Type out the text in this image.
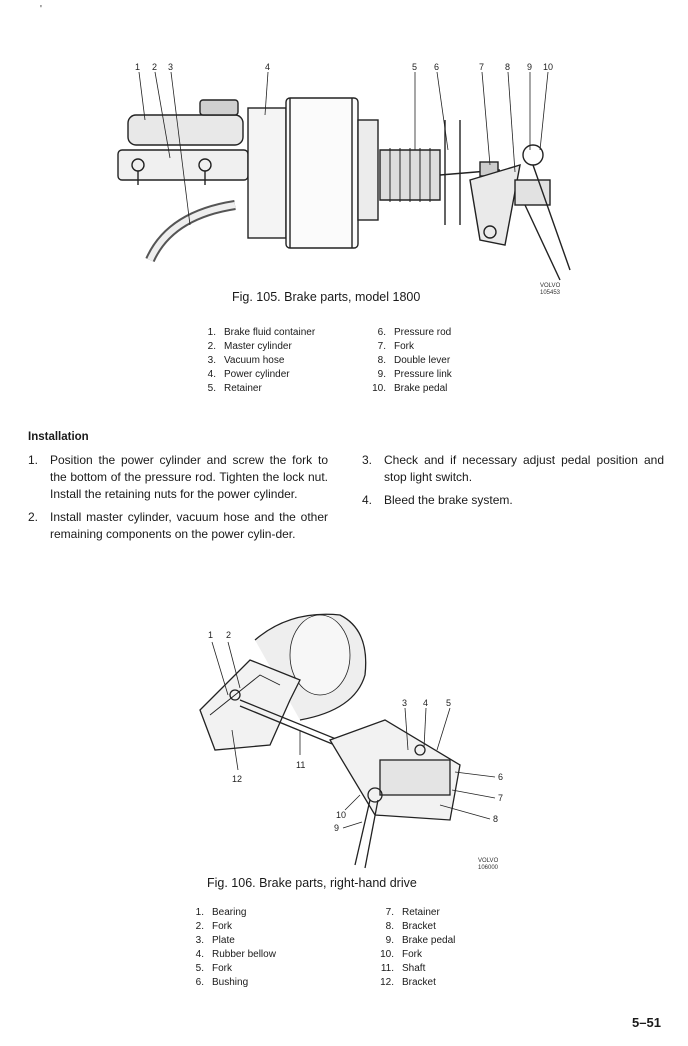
'
1 2 3	4	5 6	7 8 9 10
VOLVO
105453
Fig. 105. Brake parts, model 1800
1. Brake fluid container
2. Master cylinder
3. Vacuum hose
4. Power cylinder
5. Retainer
6. Pressure rod
7. Fork
8. Double lever
9. Pressure link
10. Brake pedal
Installation
1. Position the power cylinder and screw the fork to the bottom of the pressure rod. Tighten the lock nut. Install the retaining nuts for the power cylinder.
2. Install master cylinder, vacuum hose and the other remaining components on the power cylin-der.
3. Check and if necessary adjust pedal position and stop light switch.
4. Bleed the brake system.
1 2
3 4 5
6
7
8
9
10
11
12
VOLVO
106000
Fig. 106. Brake parts, right-hand drive
1. Bearing
2. Fork
3. Plate
4. Rubber bellow
5. Fork
6. Bushing
7. Retainer
8. Bracket
9. Brake pedal
10. Fork
11. Shaft
12. Bracket
5–51
